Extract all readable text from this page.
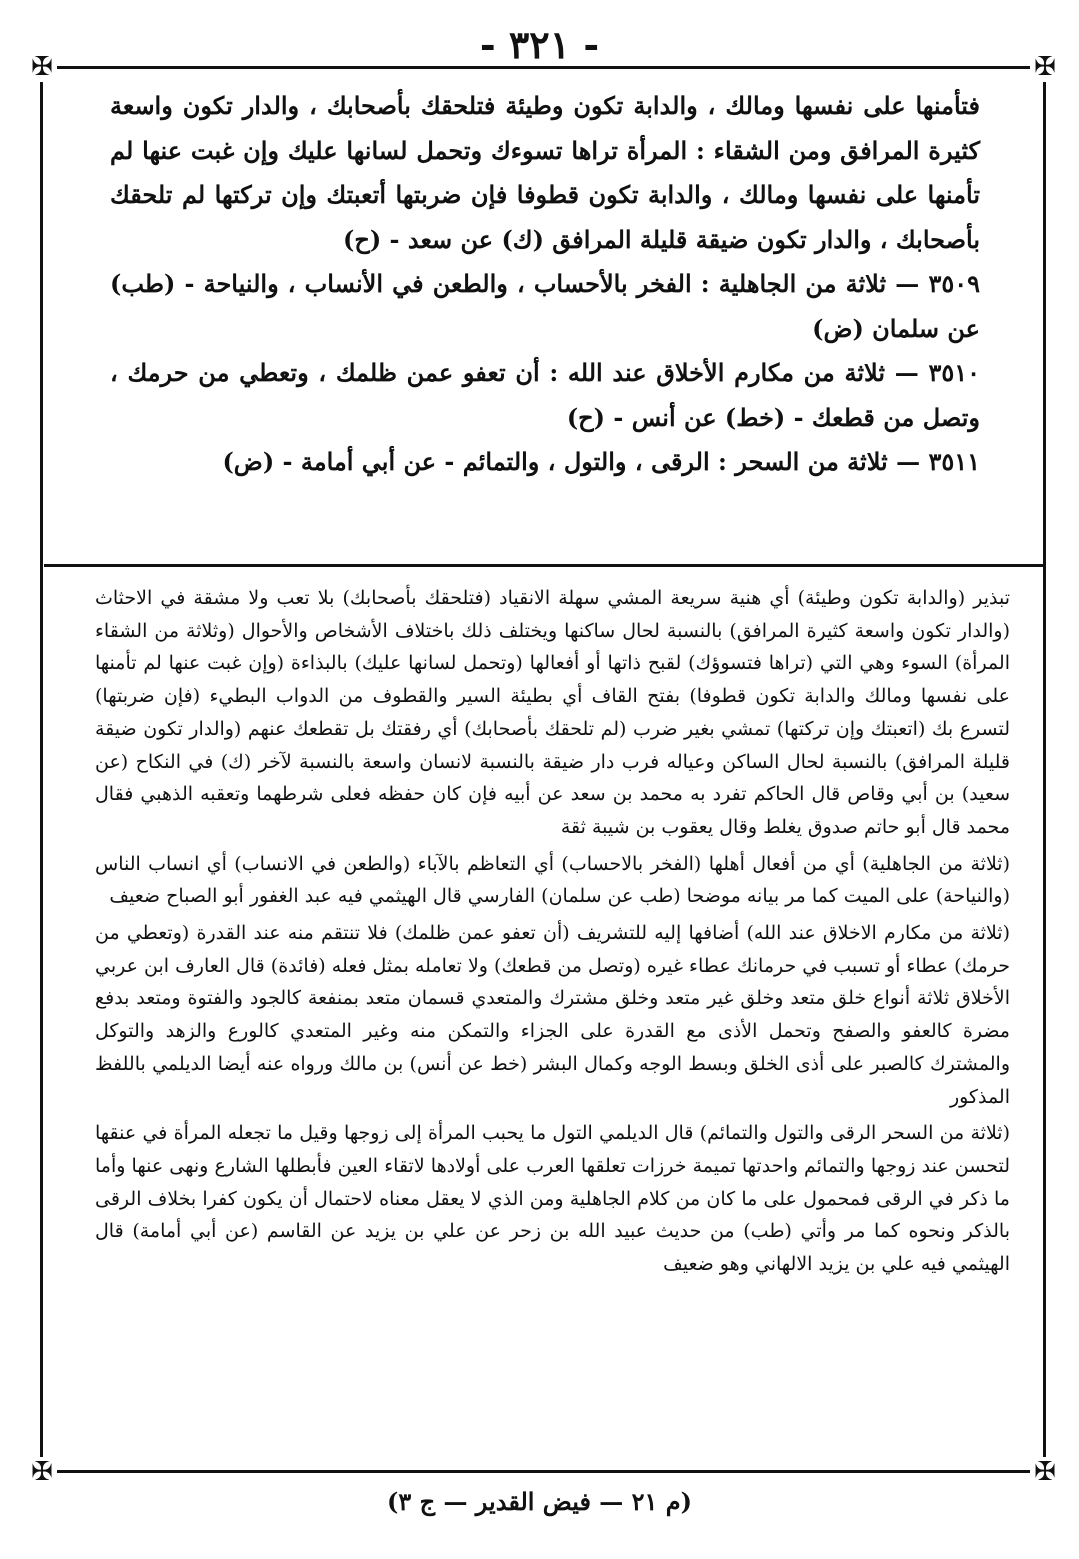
✠	✠
✠	✠
- ٣٢١ -

فتأمنها على نفسها ومالك ، والدابة تكون وطيئة فتلحقك بأصحابك ، والدار تكون واسعة كثيرة المرافق ومن الشقاء : المرأة تراها تسوءك وتحمل لسانها عليك وإن غبت عنها لم تأمنها على نفسها ومالك ، والدابة تكون قطوفا فإن ضربتها أتعبتك وإن تركتها لم تلحقك بأصحابك ، والدار تكون ضيقة قليلة المرافق (ك) عن سعد - (ح)

٣٥٠٩ — ثلاثة من الجاهلية : الفخر بالأحساب ، والطعن في الأنساب ، والنياحة - (طب) عن سلمان (ض)

٣٥١٠ — ثلاثة من مكارم الأخلاق عند الله : أن تعفو عمن ظلمك ، وتعطي من حرمك ، وتصل من قطعك - (خط) عن أنس - (ح)

٣٥١١ — ثلاثة من السحر : الرقى ، والتول ، والتمائم - عن أبي أمامة - (ض)

تبذير (والدابة تكون وطيئة) أي هنية سريعة المشي سهلة الانقياد (فتلحقك بأصحابك) بلا تعب ولا مشقة في الاحثاث (والدار تكون واسعة كثيرة المرافق) بالنسبة لحال ساكنها ويختلف ذلك باختلاف الأشخاص والأحوال (وثلاثة من الشقاء المرأة) السوء وهي التي (تراها فتسوؤك) لقبح ذاتها أو أفعالها (وتحمل لسانها عليك) بالبذاءة (وإن غبت عنها لم تأمنها على نفسها ومالك والدابة تكون قطوفا) بفتح القاف أي بطيئة السير والقطوف من الدواب البطيء (فإن ضربتها) لتسرع بك (اتعبتك وإن تركتها) تمشي بغير ضرب (لم تلحقك بأصحابك) أي رفقتك بل تقطعك عنهم (والدار تكون ضيقة قليلة المرافق) بالنسبة لحال الساكن وعياله فرب دار ضيقة بالنسبة لانسان واسعة بالنسبة لآخر (ك) في النكاح (عن سعيد) بن أبي وقاص قال الحاكم تفرد به محمد بن سعد عن أبيه فإن كان حفظه فعلى شرطهما وتعقبه الذهبي فقال محمد قال أبو حاتم صدوق يغلط وقال يعقوب بن شيبة ثقة

(ثلاثة من الجاهلية) أي من أفعال أهلها (الفخر بالاحساب) أي التعاظم بالآباء (والطعن في الانساب) أي انساب الناس (والنياحة) على الميت كما مر بيانه موضحا (طب عن سلمان) الفارسي قال الهيثمي فيه عبد الغفور أبو الصباح ضعيف

(ثلاثة من مكارم الاخلاق عند الله) أضافها إليه للتشريف (أن تعفو عمن ظلمك) فلا تنتقم منه عند القدرة (وتعطي من حرمك) عطاء أو تسبب في حرمانك عطاء غيره (وتصل من قطعك) ولا تعامله بمثل فعله (فائدة) قال العارف ابن عربي الأخلاق ثلاثة أنواع خلق متعد وخلق غير متعد وخلق مشترك والمتعدي قسمان متعد بمنفعة كالجود والفتوة ومتعد بدفع مضرة كالعفو والصفح وتحمل الأذى مع القدرة على الجزاء والتمكن منه وغير المتعدي كالورع والزهد والتوكل والمشترك كالصبر على أذى الخلق وبسط الوجه وكمال البشر (خط عن أنس) بن مالك ورواه عنه أيضا الديلمي باللفظ المذكور

(ثلاثة من السحر الرقى والتول والتمائم) قال الديلمي التول ما يحبب المرأة إلى زوجها وقيل ما تجعله المرأة في عنقها لتحسن عند زوجها والتمائم واحدتها تميمة خرزات تعلقها العرب على أولادها لاتقاء العين فأبطلها الشارع ونهى عنها وأما ما ذكر في الرقى فمحمول على ما كان من كلام الجاهلية ومن الذي لا يعقل معناه لاحتمال أن يكون كفرا بخلاف الرقى بالذكر ونحوه كما مر وأتي (طب) من حديث عبيد الله بن زحر عن علي بن يزيد عن القاسم (عن أبي أمامة) قال الهيثمي فيه علي بن يزيد الالهاني وهو ضعيف

(م ٢١ — فيض القدير — ج ٣)
